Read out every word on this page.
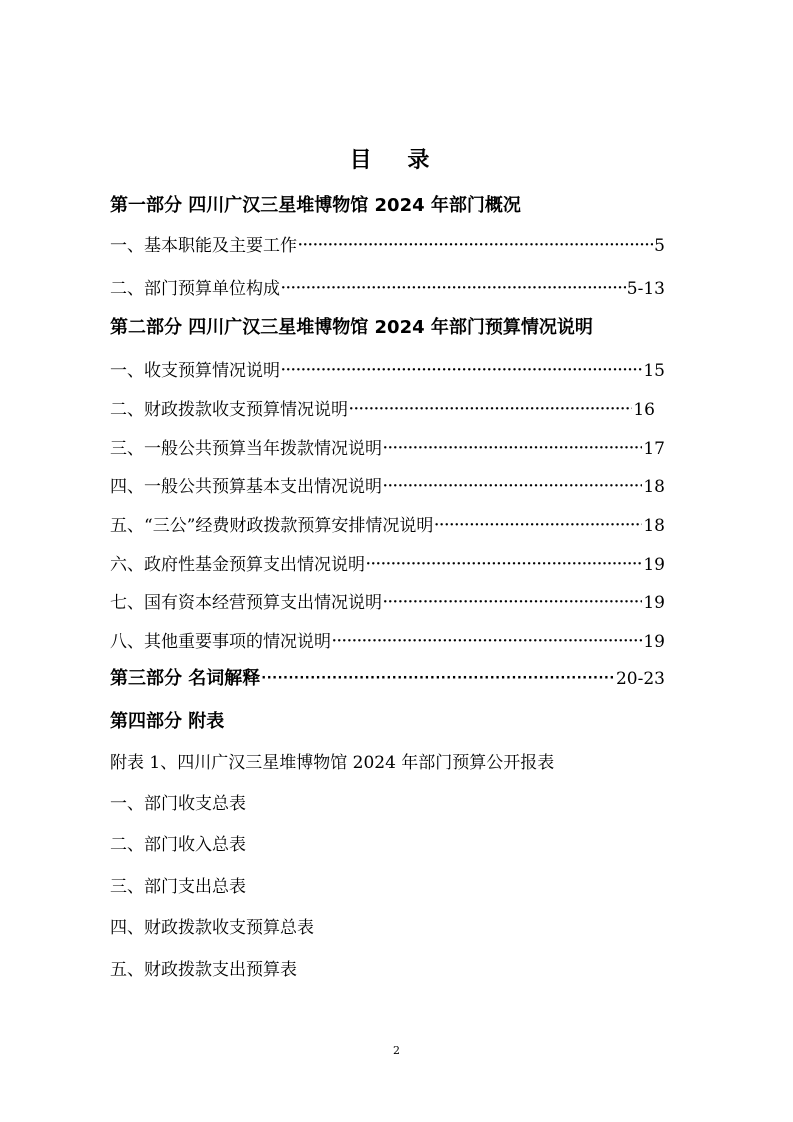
目 录
第一部分 四川广汉三星堆博物馆 2024 年部门概况
一、基本职能及主要工作 ·····	5
二、部门预算单位构成 ·····	5-13
第二部分 四川广汉三星堆博物馆 2024 年部门预算情况说明
一、收支预算情况说明 ·····	15
二、财政拨款收支预算情况说明 ·····	16
三、一般公共预算当年拨款情况说明 ·····	17
四、一般公共预算基本支出情况说明 ·····	18
五、“三公”经费财政拨款预算安排情况说明 ·····	18
六、政府性基金预算支出情况说明 ·····	19
七、国有资本经营预算支出情况说明 ·····	19
八、其他重要事项的情况说明 ·····	19
第三部分 名词解释 ·····	20-23
第四部分 附表
附表 1、四川广汉三星堆博物馆 2024 年部门预算公开报表
一、部门收支总表
二、部门收入总表
三、部门支出总表
四、财政拨款收支预算总表
五、财政拨款支出预算表
2
